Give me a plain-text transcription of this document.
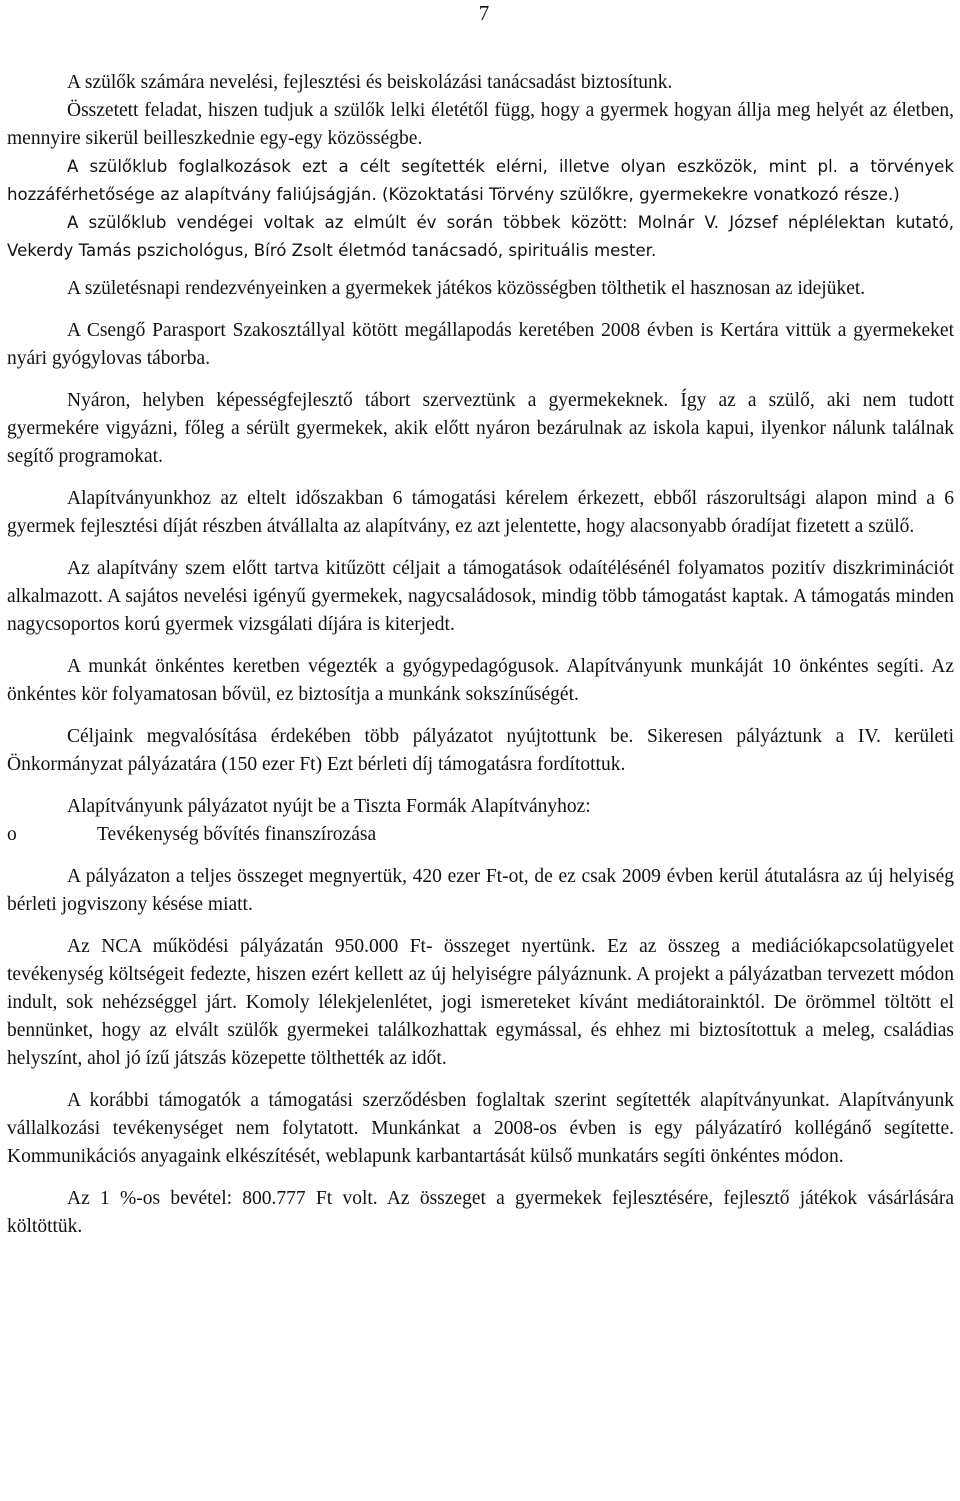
7

A szülők számára nevelési, fejlesztési és beiskolázási tanácsadást biztosítunk.

Összetett feladat, hiszen tudjuk a szülők lelki életétől függ, hogy a gyermek hogyan állja meg helyét az életben, mennyire sikerül beilleszkednie egy-egy közösségbe.

A szülőklub foglalkozások ezt a célt segítették elérni, illetve olyan eszközök, mint pl. a törvények hozzáférhetősége az alapítvány faliújságján. (Közoktatási Törvény szülőkre, gyermekekre vonatkozó része.)

A szülőklub vendégei voltak az elmúlt év során többek között: Molnár V. József néplélektan kutató, Vekerdy Tamás pszichológus, Bíró Zsolt életmód tanácsadó, spirituális mester.

A születésnapi rendezvényeinken a gyermekek játékos közösségben tölthetik el hasznosan az idejüket.

A Csengő Parasport Szakosztállyal kötött megállapodás keretében 2008 évben is Kertára vittük a gyermekeket nyári gyógylovas táborba.

Nyáron, helyben képességfejlesztő tábort szerveztünk a gyermekeknek. Így az a szülő, aki nem tudott gyermekére vigyázni, főleg a sérült gyermekek, akik előtt nyáron bezárulnak az iskola kapui, ilyenkor nálunk találnak segítő programokat.

Alapítványunkhoz az eltelt időszakban 6 támogatási kérelem érkezett, ebből rászorultsági alapon mind a 6 gyermek fejlesztési díját részben átvállalta az alapítvány, ez azt jelentette, hogy alacsonyabb óradíjat fizetett a szülő.

Az alapítvány szem előtt tartva kitűzött céljait a támogatások odaítélésénél folyamatos pozitív diszkriminációt alkalmazott. A sajátos nevelési igényű gyermekek, nagycsaládosok, mindig több támogatást kaptak. A támogatás minden nagycsoportos korú gyermek vizsgálati díjára is kiterjedt.

A munkát önkéntes keretben végezték a gyógypedagógusok. Alapítványunk munkáját 10 önkéntes segíti. Az önkéntes kör folyamatosan bővül, ez biztosítja a munkánk sokszínűségét.

Céljaink megvalósítása érdekében több pályázatot nyújtottunk be. Sikeresen pályáztunk a IV. kerületi Önkormányzat pályázatára (150 ezer Ft) Ezt bérleti díj támogatásra fordítottuk.

Alapítványunk pályázatot nyújt be a Tiszta Formák Alapítványhoz:

o	Tevékenység bővítés finanszírozása

A pályázaton a teljes összeget megnyertük, 420 ezer Ft-ot, de ez csak 2009 évben kerül átutalásra az új helyiség bérleti jogviszony késése miatt.

Az NCA működési pályázatán 950.000 Ft- összeget nyertünk. Ez az összeg a mediációkapcsolatügyelet tevékenység költségeit fedezte, hiszen ezért kellett az új helyiségre pályáznunk. A projekt a pályázatban tervezett módon indult, sok nehézséggel járt. Komoly lélekjelenlétet, jogi ismereteket kívánt mediátorainktól. De örömmel töltött el bennünket, hogy az elvált szülők gyermekei találkozhattak egymással, és ehhez mi biztosítottuk a meleg, családias helyszínt, ahol jó ízű játszás közepette tölthették az időt.

A korábbi támogatók a támogatási szerződésben foglaltak szerint segítették alapítványunkat. Alapítványunk vállalkozási tevékenységet nem folytatott. Munkánkat a 2008-os évben is egy pályázatíró kollégánő segítette. Kommunikációs anyagaink elkészítését, weblapunk karbantartását külső munkatárs segíti önkéntes módon.

Az 1 %-os bevétel: 800.777 Ft volt. Az összeget a gyermekek fejlesztésére, fejlesztő játékok vásárlására költöttük.
